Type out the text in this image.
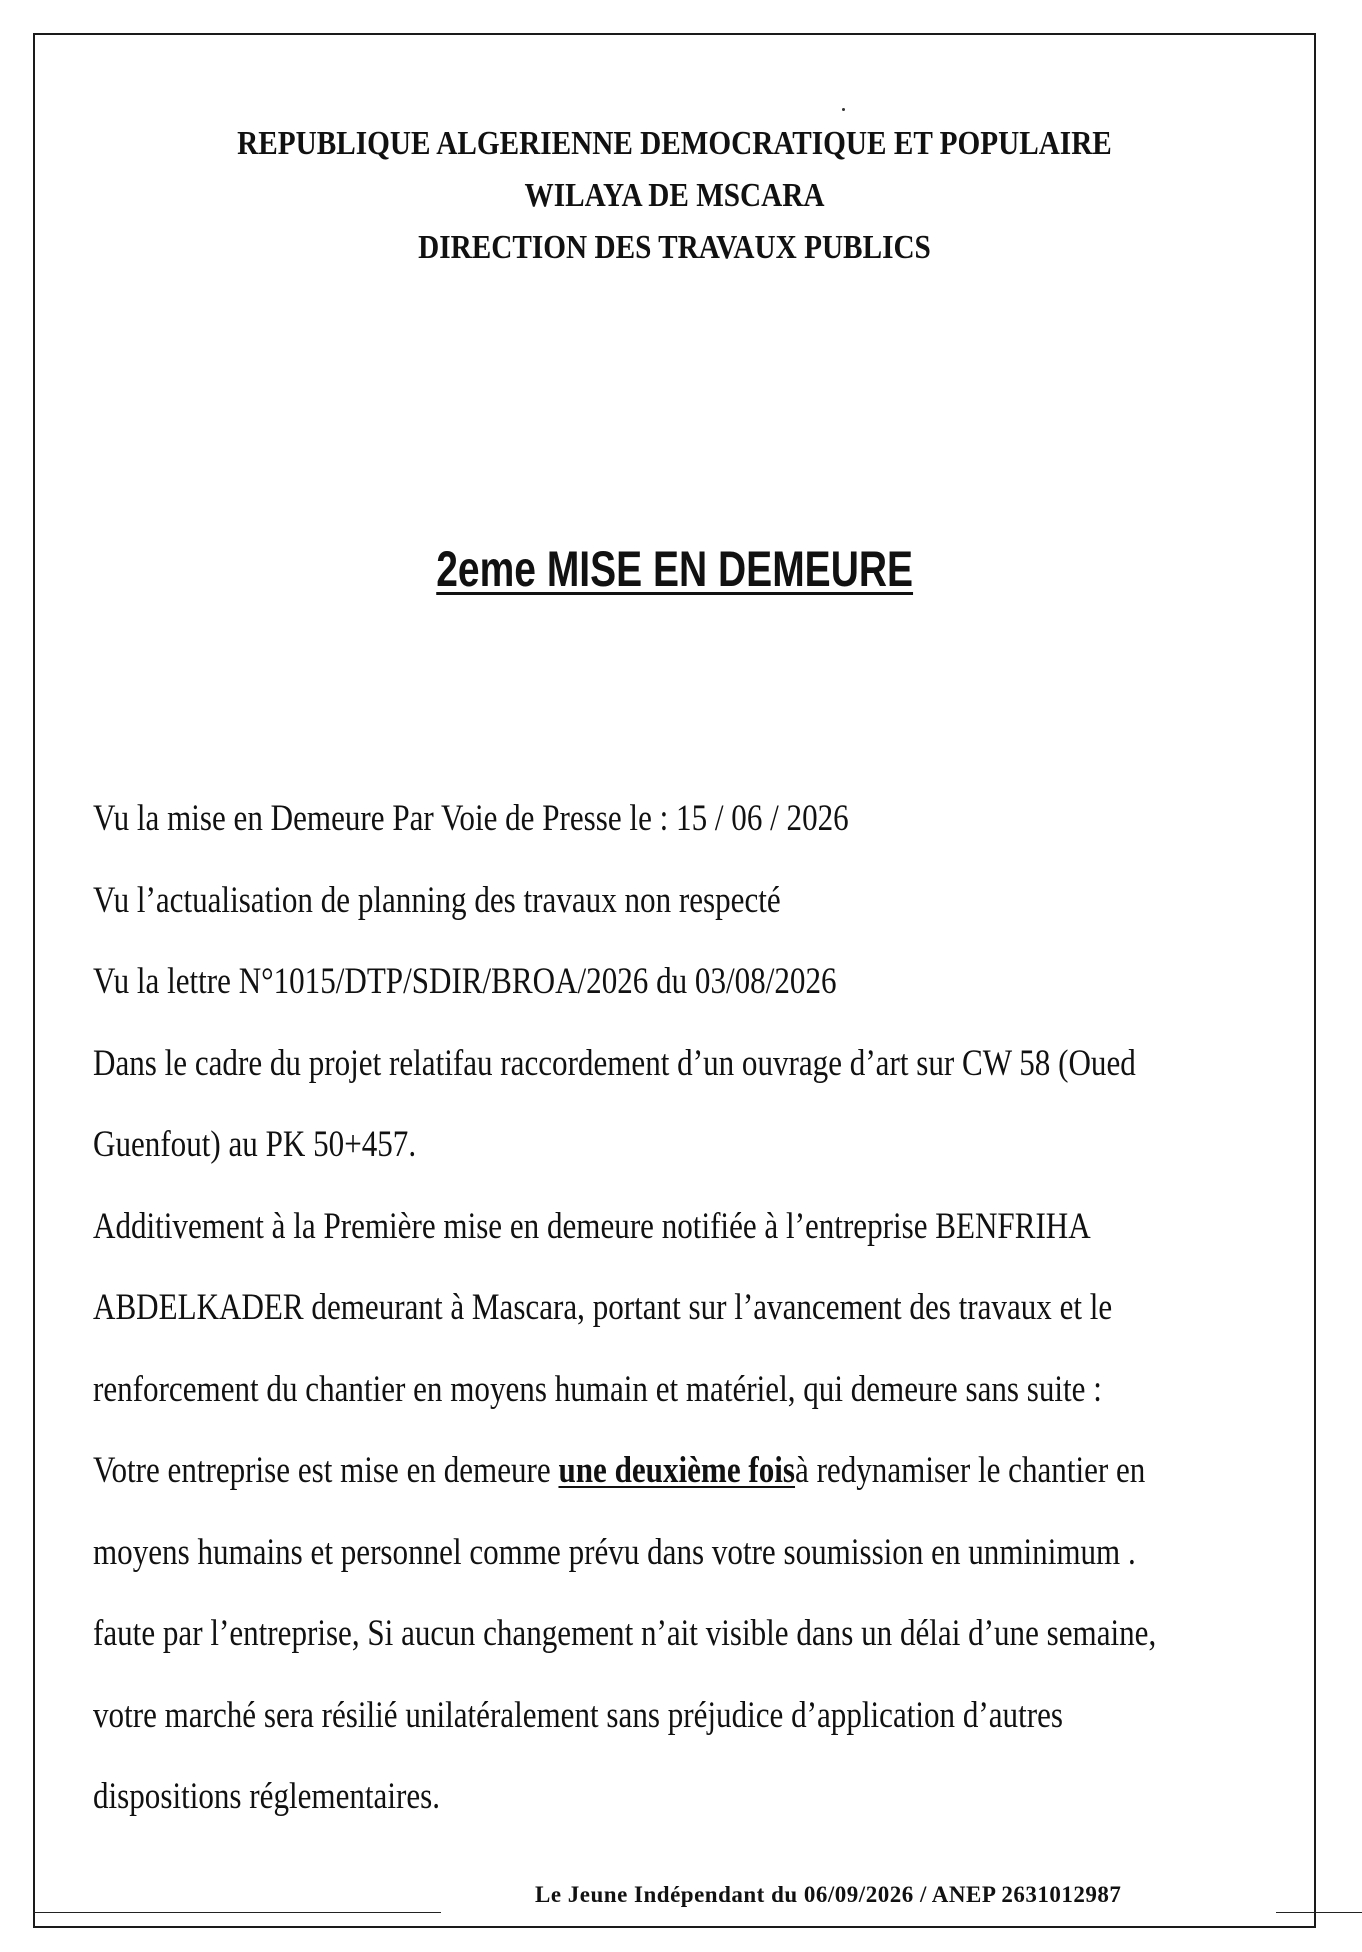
REPUBLIQUE ALGERIENNE DEMOCRATIQUE ET POPULAIRE
WILAYA DE MSCARA
DIRECTION DES TRAVAUX PUBLICS
2eme MISE EN DEMEURE
Vu la mise en Demeure Par Voie de Presse le : 15 / 06 / 2026
Vu l’actualisation de planning des travaux non respecté
Vu la lettre N°1015/DTP/SDIR/BROA/2026 du 03/08/2026
Dans le cadre du projet relatifau raccordement d’un ouvrage d’art sur CW 58 (Oued
Guenfout) au PK 50+457.
Additivement à la Première mise en demeure notifiée à l’entreprise BENFRIHA
ABDELKADER demeurant à Mascara, portant sur l’avancement des travaux et le
renforcement du chantier en moyens humain et matériel, qui demeure sans suite :
Votre entreprise est mise en demeure une deuxième foisà redynamiser le chantier en
moyens humains et personnel comme prévu dans votre soumission en unminimum .
faute par l’entreprise, Si aucun changement n’ait visible dans un délai d’une semaine,
votre marché sera résilié unilatéralement sans préjudice d’application d’autres
dispositions réglementaires.
Le Jeune Indépendant du 06/09/2026 / ANEP 2631012987
